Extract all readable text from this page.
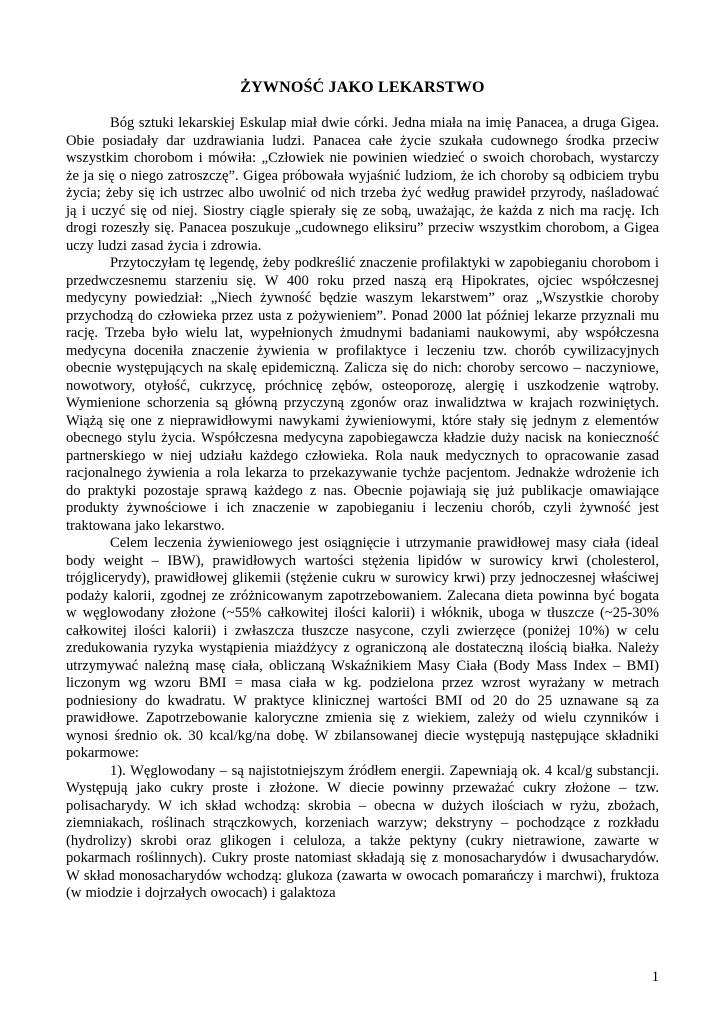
ŻYWNOŚĆ JAKO LEKARSTWO

Bóg sztuki lekarskiej Eskulap miał dwie córki. Jedna miała na imię Panacea, a druga Gigea. Obie posiadały dar uzdrawiania ludzi. Panacea całe życie szukała cudownego środka przeciw wszystkim chorobom i mówiła: „Człowiek nie powinien wiedzieć o swoich chorobach, wystarczy że ja się o niego zatroszczę”. Gigea próbowała wyjaśnić ludziom, że ich choroby są odbiciem trybu życia; żeby się ich ustrzec albo uwolnić od nich trzeba żyć według prawideł przyrody, naśladować ją i uczyć się od niej. Siostry ciągle spierały się ze sobą, uważając, że każda z nich ma rację. Ich drogi rozeszły się. Panacea poszukuje „cudownego eliksiru” przeciw wszystkim chorobom, a Gigea uczy ludzi zasad życia i zdrowia.

Przytoczyłam tę legendę, żeby podkreślić znaczenie profilaktyki w zapobieganiu chorobom i przedwczesnemu starzeniu się. W 400 roku przed naszą erą Hipokrates, ojciec współczesnej medycyny powiedział: „Niech żywność będzie waszym lekarstwem” oraz „Wszystkie choroby przychodzą do człowieka przez usta z pożywieniem”. Ponad 2000 lat później lekarze przyznali mu rację. Trzeba było wielu lat, wypełnionych żmudnymi badaniami naukowymi, aby współczesna medycyna doceniła znaczenie żywienia w profilaktyce i leczeniu tzw. chorób cywilizacyjnych obecnie występujących na skalę epidemiczną. Zalicza się do nich: choroby sercowo – naczyniowe, nowotwory, otyłość, cukrzycę, próchnicę zębów, osteoporozę, alergię i uszkodzenie wątroby. Wymienione schorzenia są główną przyczyną zgonów oraz inwalidztwa w krajach rozwiniętych. Wiążą się one z nieprawidłowymi nawykami żywieniowymi, które stały się jednym z elementów obecnego stylu życia. Współczesna medycyna zapobiegawcza kładzie duży nacisk na konieczność partnerskiego w niej udziału każdego człowieka. Rola nauk medycznych to opracowanie zasad racjonalnego żywienia a rola lekarza to przekazywanie tychże pacjentom. Jednakże wdrożenie ich do praktyki pozostaje sprawą każdego z nas. Obecnie pojawiają się już publikacje omawiające produkty żywnościowe i ich znaczenie w zapobieganiu i leczeniu chorób, czyli żywność jest traktowana jako lekarstwo.

Celem leczenia żywieniowego jest osiągnięcie i utrzymanie prawidłowej masy ciała (ideal body weight – IBW), prawidłowych wartości stężenia lipidów w surowicy krwi (cholesterol, trójglicerydy), prawidłowej glikemii (stężenie cukru w surowicy krwi) przy jednoczesnej właściwej podaży kalorii, zgodnej ze zróżnicowanym zapotrzebowaniem. Zalecana dieta powinna być bogata w węglowodany złożone (~55% całkowitej ilości kalorii) i włóknik, uboga w tłuszcze (~25-30% całkowitej ilości kalorii) i zwłaszcza tłuszcze nasycone, czyli zwierzęce (poniżej 10%) w celu zredukowania ryzyka wystąpienia miażdżycy z ograniczoną ale dostateczną ilością białka. Należy utrzymywać należną masę ciała, obliczaną Wskaźnikiem Masy Ciała (Body Mass Index – BMI) liczonym wg wzoru BMI = masa ciała w kg. podzielona przez wzrost wyrażany w metrach podniesiony do kwadratu. W praktyce klinicznej wartości BMI od 20 do 25 uznawane są za prawidłowe. Zapotrzebowanie kaloryczne zmienia się z wiekiem, zależy od wielu czynników i wynosi średnio ok. 30 kcal/kg/na dobę. W zbilansowanej diecie występują następujące składniki pokarmowe:

1). Węglowodany – są najistotniejszym źródłem energii. Zapewniają ok. 4 kcal/g substancji. Występują jako cukry proste i złożone. W diecie powinny przeważać cukry złożone – tzw. polisacharydy. W ich skład wchodzą: skrobia – obecna w dużych ilościach w ryżu, zbożach, ziemniakach, roślinach strączkowych, korzeniach warzyw; dekstryny – pochodzące z rozkładu (hydrolizy) skrobi oraz glikogen i celuloza, a także pektyny (cukry nietrawione, zawarte w pokarmach roślinnych). Cukry proste natomiast składają się z monosacharydów i dwusacharydów. W skład monosacharydów wchodzą: glukoza (zawarta w owocach pomarańczy i marchwi), fruktoza (w miodzie i dojrzałych owocach) i galaktoza

1
